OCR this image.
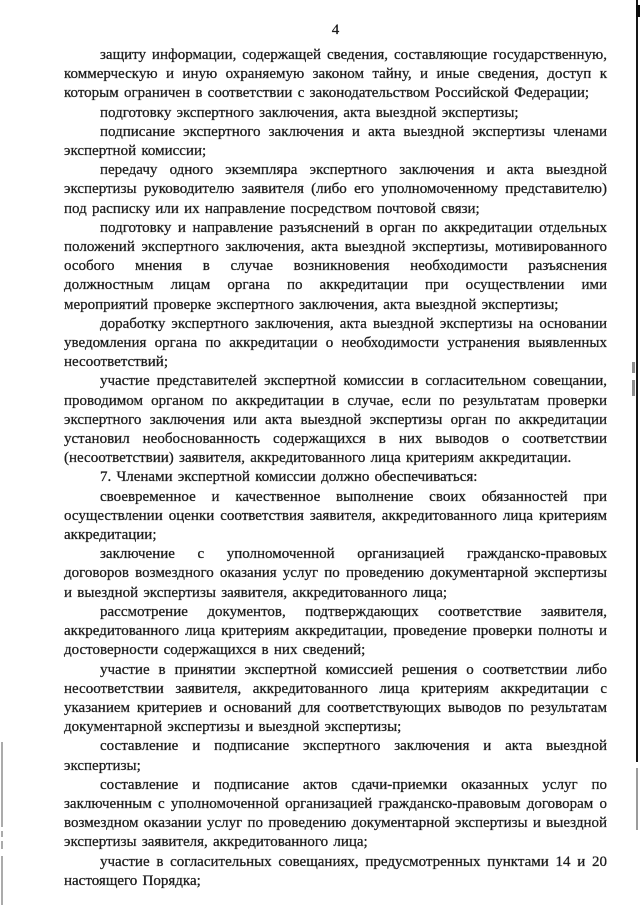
4

защиту информации, содержащей сведения, составляющие государственную, коммерческую и иную охраняемую законом тайну, и иные сведения, доступ к которым ограничен в соответствии с законодательством Российской Федерации;

подготовку экспертного заключения, акта выездной экспертизы;

подписание экспертного заключения и акта выездной экспертизы членами экспертной комиссии;

передачу одного экземпляра экспертного заключения и акта выездной экспертизы руководителю заявителя (либо его уполномоченному представителю) под расписку или их направление посредством почтовой связи;

подготовку и направление разъяснений в орган по аккредитации отдельных положений экспертного заключения, акта выездной экспертизы, мотивированного особого мнения в случае возникновения необходимости разъяснения должностным лицам органа по аккредитации при осуществлении ими мероприятий проверке экспертного заключения, акта выездной экспертизы;

доработку экспертного заключения, акта выездной экспертизы на основании уведомления органа по аккредитации о необходимости устранения выявленных несоответствий;

участие представителей экспертной комиссии в согласительном совещании, проводимом органом по аккредитации в случае, если по результатам проверки экспертного заключения или акта выездной экспертизы орган по аккредитации установил необоснованность содержащихся в них выводов о соответствии (несоответствии) заявителя, аккредитованного лица критериям аккредитации.

7. Членами экспертной комиссии должно обеспечиваться:

своевременное и качественное выполнение своих обязанностей при осуществлении оценки соответствия заявителя, аккредитованного лица критериям аккредитации;

заключение с уполномоченной организацией гражданско-правовых договоров возмездного оказания услуг по проведению документарной экспертизы и выездной экспертизы заявителя, аккредитованного лица;

рассмотрение документов, подтверждающих соответствие заявителя, аккредитованного лица критериям аккредитации, проведение проверки полноты и достоверности содержащихся в них сведений;

участие в принятии экспертной комиссией решения о соответствии либо несоответствии заявителя, аккредитованного лица критериям аккредитации с указанием критериев и оснований для соответствующих выводов по результатам документарной экспертизы и выездной экспертизы;

составление и подписание экспертного заключения и акта выездной экспертизы;

составление и подписание актов сдачи-приемки оказанных услуг по заключенным с уполномоченной организацией гражданско-правовым договорам о возмездном оказании услуг по проведению документарной экспертизы и выездной экспертизы заявителя, аккредитованного лица;

участие в согласительных совещаниях, предусмотренных пунктами 14 и 20 настоящего Порядка;
